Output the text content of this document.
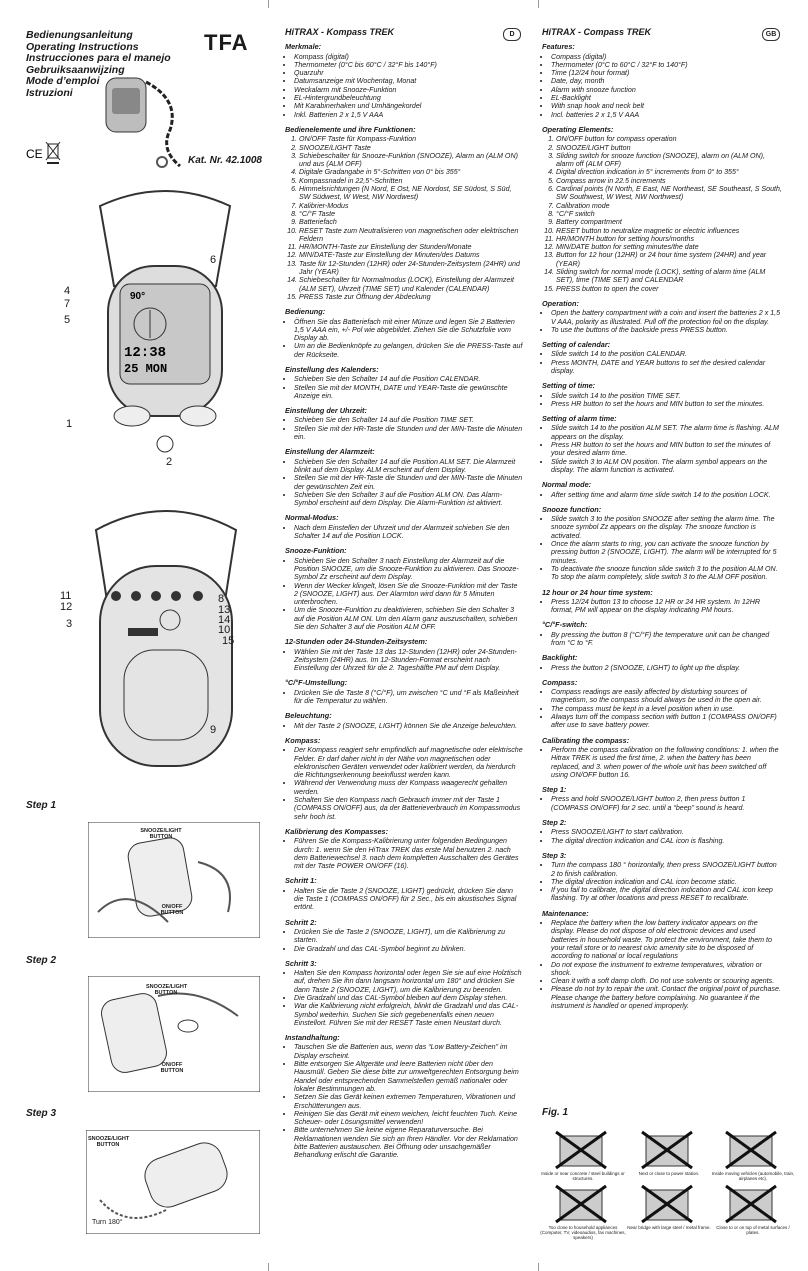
Bedienungsanleitung
Operating Instructions
Instrucciones para el manejo
Gebruiksaanwijzing
Mode d’emploi
Istruzioni
TFA
CE	Kat. Nr. 42.1008
90°
12:38
25 MON
6
4
7
5
1
2
11
12
3
8
13
14
10
15
9
Step 1
SNOOZE/LIGHT BUTTON
ON/OFF BUTTON
Step 2
SNOOZE/LIGHT BUTTON
ON/OFF BUTTON
Step 3
SNOOZE/LIGHT BUTTON
Turn 180°
HiTRAX - Kompass TREK
Merkmale:
• Kompass (digital)
• Thermometer (0°C bis 60°C / 32°F bis 140°F)
• Quarzuhr
• Datumsanzeige mit Wochentag, Monat
• Weckalarm mit Snooze-Funktion
• EL-Hintergrundbeleuchtung
• Mit Karabinerhaken und Umhängekordel
• Inkl. Batterien 2 x 1,5 V AAA
Bedienelemente und ihre Funktionen:
1. ON/OFF Taste für Kompass-Funktion
2. SNOOZE/LIGHT Taste
3. Schiebeschalter für Snooze-Funktion (SNOOZE), Alarm an (ALM ON) und aus (ALM OFF)
4. Digitale Gradangabe in 5°-Schritten von 0° bis 355°
5. Kompassnadel in 22,5°-Schritten
6. Himmelsrichtungen (N Nord, E Ost, NE Nordost, SE Südost, S Süd, SW Südwest, W West, NW Nordwest)
7. Kalibrier-Modus
8. °C/°F Taste
9. Batteriefach
10. RESET Taste zum Neutralisieren von magnetischen oder elektrischen Feldern
11. HR/MONTH-Taste zur Einstellung der Stunden/Monate
12. MIN/DATE-Taste zur Einstellung der Minuten/des Datums
13. Taste für 12-Stunden (12HR) oder 24-Stunden-Zeitsystem (24HR) und Jahr (YEAR)
14. Schiebeschalter für Normalmodus (LOCK), Einstellung der Alarmzeit (ALM SET), Uhrzeit (TIME SET) und Kalender (CALENDAR)
15. PRESS Taste zur Öffnung der Abdeckung
Bedienung:
• Öffnen Sie das Batteriefach mit einer Münze und legen Sie 2 Batterien 1,5 V AAA ein, +/- Pol wie abgebildet. Ziehen Sie die Schutzfolie vom Display ab.
• Um an die Bedienknöpfe zu gelangen, drücken Sie die PRESS-Taste auf der Rückseite.
Einstellung des Kalenders:
• Schieben Sie den Schalter 14 auf die Position CALENDAR.
• Stellen Sie mit der MONTH, DATE und YEAR-Taste die gewünschte Anzeige ein.
Einstellung der Uhrzeit:
• Schieben Sie den Schalter 14 auf die Position TIME SET.
• Stellen Sie mit der HR-Taste die Stunden und der MIN-Taste die Minuten ein.
Einstellung der Alarmzeit:
• Schieben Sie den Schalter 14 auf die Position ALM SET. Die Alarmzeit blinkt auf dem Display. ALM erscheint auf dem Display.
• Stellen Sie mit der HR-Taste die Stunden und der MIN-Taste die Minuten der gewünschten Zeit ein.
• Schieben Sie den Schalter 3 auf die Position ALM ON. Das Alarm-Symbol erscheint auf dem Display. Die Alarm-Funktion ist aktiviert.
Normal-Modus:
• Nach dem Einstellen der Uhrzeit und der Alarmzeit schieben Sie den Schalter 14 auf die Position LOCK.
Snooze-Funktion:
• Schieben Sie den Schalter 3 nach Einstellung der Alarmzeit auf die Position SNOOZE, um die Snooze-Funktion zu aktivieren. Das Snooze-Symbol Zz erscheint auf dem Display.
• Wenn der Wecker klingelt, lösen Sie die Snooze-Funktion mit der Taste 2 (SNOOZE, LIGHT) aus. Der Alarmton wird dann für 5 Minuten unterbrochen.
• Um die Snooze-Funktion zu deaktivieren, schieben Sie den Schalter 3 auf die Position ALM ON. Um den Alarm ganz auszuschalten, schieben Sie den Schalter 3 auf die Position ALM OFF.
12-Stunden oder 24-Stunden-Zeitsystem:
• Wählen Sie mit der Taste 13 das 12-Stunden (12HR) oder 24-Stunden-Zeitsystem (24HR) aus. Im 12-Stunden-Format erscheint nach Einstellung der Uhrzeit für die 2. Tageshälfte PM auf dem Display.
°C/°F-Umstellung:
• Drücken Sie die Taste 8 (°C/°F), um zwischen °C und °F als Maßeinheit für die Temperatur zu wählen.
Beleuchtung:
• Mit der Taste 2 (SNOOZE, LIGHT) können Sie die Anzeige beleuchten.
Kompass:
• Der Kompass reagiert sehr empfindlich auf magnetische oder elektrische Felder. Er darf daher nicht in der Nähe von magnetischen oder elektronischen Geräten verwendet oder kalibriert werden, da hierdurch die Richtungserkennung beeinflusst werden kann.
• Während der Verwendung muss der Kompass waagerecht gehalten werden.
• Schalten Sie den Kompass nach Gebrauch immer mit der Taste 1 (COMPASS ON/OFF) aus, da der Batterieverbrauch im Kompassmodus sehr hoch ist.
Kalibrierung des Kompasses:
• Führen Sie die Kompass-Kalibrierung unter folgenden Bedingungen durch: 1. wenn Sie den HiTrax TREK das erste Mal benutzen 2. nach dem Batteriewechsel 3. nach dem kompletten Ausschalten des Gerätes mit der Taste POWER ON/OFF (16).
Schritt 1:
• Halten Sie die Taste 2 (SNOOZE, LIGHT) gedrückt, drücken Sie dann die Taste 1 (COMPASS ON/OFF) für 2 Sec., bis ein akustisches Signal ertönt.
Schritt 2:
• Drücken Sie die Taste 2 (SNOOZE, LIGHT), um die Kalibrierung zu starten.
• Die Gradzahl und das CAL-Symbol beginnt zu blinken.
Schritt 3:
• Halten Sie den Kompass horizontal oder legen Sie sie auf eine Holztisch auf, drehen Sie ihn dann langsam horizontal um 180° und drücken Sie dann Taste 2 (SNOOZE, LIGHT), um die Kalibrierung zu beenden.
• Die Gradzahl und das CAL-Symbol bleiben auf dem Display stehen.
• War die Kalibrierung nicht erfolgreich, blinkt die Gradzahl und das CAL-Symbol weiterhin. Suchen Sie sich gegebenenfalls einen neuen Einstellort. Führen Sie mit der RESET Taste einen Neustart durch.
Instandhaltung:
• Tauschen Sie die Batterien aus, wenn das “Low Battery-Zeichen” im Display erscheint.
• Bitte entsorgen Sie Altgeräte und leere Batterien nicht über den Hausmüll. Geben Sie diese bitte zur umweltgerechten Entsorgung beim Handel oder entsprechenden Sammelstellen gemäß nationaler oder lokaler Bestimmungen ab.
• Setzen Sie das Gerät keinen extremen Temperaturen, Vibrationen und Erschütterungen aus.
• Reinigen Sie das Gerät mit einem weichen, leicht feuchten Tuch. Keine Scheuer- oder Lösungsmittel verwenden!
• Bitte unternehmen Sie keine eigene Reparaturversuche. Bei Reklamationen wenden Sie sich an Ihren Händler. Vor der Reklamation bitte Batterien austauschen. Bei Öffnung oder unsachgemäßer Behandlung erlischt die Garantie.
D	HiTRAX - Compass TREK
Features:
• Compass (digital)
• Thermometer (0°C to 60°C / 32°F to 140°F)
• Time (12/24 hour format)
• Date, day, month
• Alarm with snooze function
• EL-Backlight
• With snap hook and neck belt
• Incl. batteries 2 x 1,5 V AAA
Operating Elements:
1. ON/OFF button for compass operation
2. SNOOZE/LIGHT button
3. Sliding switch for snooze function (SNOOZE), alarm on (ALM ON), alarm off (ALM OFF)
4. Digital direction indication in 5° increments from 0° to 355°
5. Compass arrow in 22.5 increments
6. Cardinal points (N North, E East, NE Northeast, SE Southeast, S South, SW Southwest, W West, NW Northwest)
7. Calibration mode
8. °C/°F switch
9. Battery compartment
10. RESET button to neutralize magnetic or electric influences
11. HR/MONTH button for setting hours/months
12. MIN/DATE button for setting minutes/the date
13. Button for 12 hour (12HR) or 24 hour time system (24HR) and year (YEAR)
14. Sliding switch for normal mode (LOCK), setting of alarm time (ALM SET), time (TIME SET) and CALENDAR
15. PRESS button to open the cover
Operation:
• Open the battery compartment with a coin and insert the batteries 2 x 1,5 V AAA, polarity as illustrated. Pull off the protection foil on the display.
• To use the buttons of the backside press PRESS button.
Setting of calendar:
• Slide switch 14 to the position CALENDAR.
• Press MONTH, DATE and YEAR buttons to set the desired calendar display.
Setting of time:
• Slide switch 14 to the position TIME SET.
• Press HR button to set the hours and MIN button to set the minutes.
Setting of alarm time:
• Slide switch 14 to the position ALM SET. The alarm time is flashing. ALM appears on the display.
• Press HR button to set the hours and MIN button to set the minutes of your desired alarm time.
• Slide switch 3 to ALM ON position. The alarm symbol appears on the display. The alarm function is activated.
Normal mode:
• After setting time and alarm time slide switch 14 to the position LOCK.
Snooze function:
• Slide switch 3 to the position SNOOZE after setting the alarm time. The snooze symbol Zz appears on the display. The snooze function is activated.
• Once the alarm starts to ring, you can activate the snooze function by pressing button 2 (SNOOZE, LIGHT). The alarm will be interrupted for 5 minutes.
• To deactivate the snooze function slide switch 3 to the position ALM ON. To stop the alarm completely, slide switch 3 to the ALM OFF position.
12 hour or 24 hour time system:
• Press 12/24 button 13 to choose 12 HR or 24 HR system. In 12HR format, PM will appear on the display indicating PM hours.
°C/°F-switch:
• By pressing the button 8 (°C/°F) the temperature unit can be changed from °C to °F.
Backlight:
• Press the button 2 (SNOOZE, LIGHT) to light up the display.
Compass:
• Compass readings are easily affected by disturbing sources of magnetism, so the compass should always be used in the open air.
• The compass must be kept in a level position when in use.
• Always turn off the compass section with button 1 (COMPASS ON/OFF) after use to save battery power.
Calibrating the compass:
• Perform the compass calibration on the following conditions: 1. when the Hitrax TREK is used the first time, 2. when the battery has been replaced, and 3. when power of the whole unit has been switched off using ON/OFF button 16.
Step 1:
• Press and hold SNOOZE/LIGHT button 2, then press button 1 (COMPASS ON/OFF) for 2 sec. until a “beep” sound is heard.
Step 2:
• Press SNOOZE/LIGHT to start calibration.
• The digital direction indication and CAL icon is flashing.
Step 3:
• Turn the compass 180 ° horizontally, then press SNOOZE/LIGHT button 2 to finish calibration.
• The digital direction indication and CAL icon become static.
• If you fail to calibrate, the digital direction indication and CAL icon keep flashing. Try at other locations and press RESET to recalibrate.
Maintenance:
• Replace the battery when the low battery indicator appears on the display. Please do not dispose of old electronic devices and used batteries in household waste. To protect the environment, take them to your retail store or to nearest civic amenity site to be disposed of according to national or local regulations
• Do not expose the instrument to extreme temperatures, vibration or shock.
• Clean it with a soft damp cloth. Do not use solvents or scouring agents.
• Please do not try to repair the unit. Contact the original point of purchase. Please change the battery before complaining. No guarantee if the instrument is handled or opened improperly.
GB
Fig. 1
Inside or near concrete / steel buildings or structures.
Next or close to power station.	Inside moving vehicles (automobile, train, airplanes etc).
Too close to household appliances (Computer, TV, videoaudios, fax machines, speakers)
Near bridge with large steel / metal frame.	Close to or on top of metal surfaces / plates.
